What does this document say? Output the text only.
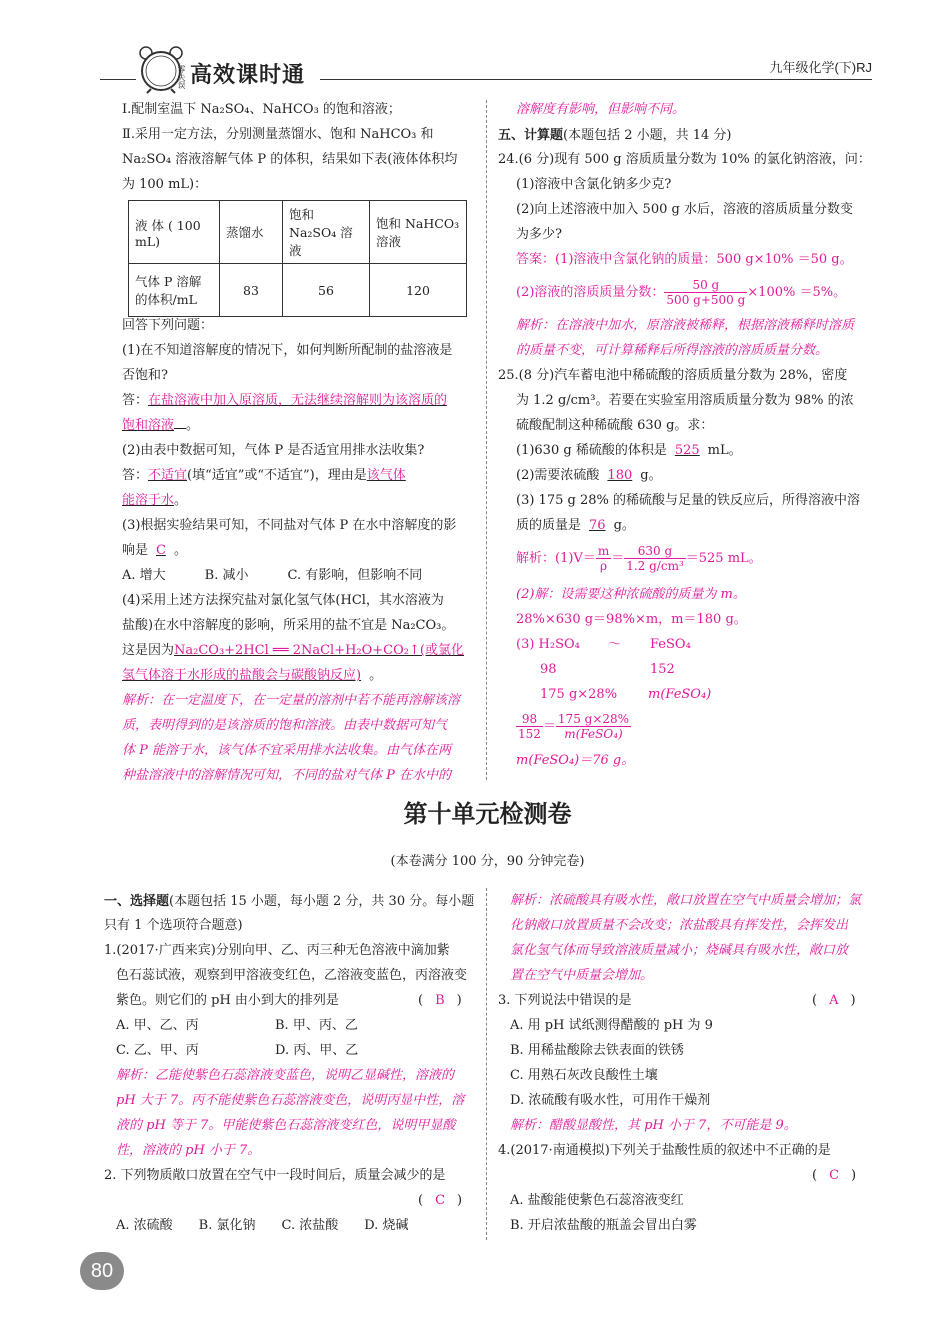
零失误 高效课时通	九年级化学(下)RJ
Ⅰ.配制室温下 Na₂SO₄、NaHCO₃ 的饱和溶液；
Ⅱ.采用一定方法，分别测量蒸馏水、饱和 NaHCO₃ 和
Na₂SO₄ 溶液溶解气体 P 的体积，结果如下表(液体体积均
为 100 mL)：
液 体 ( 100 mL)	蒸馏水	饱和 Na₂SO₄ 溶液	饱和 NaHCO₃ 溶液
气体 P 溶解的体积/mL	83	56	120
回答下列问题：
(1)在不知道溶解度的情况下，如何判断所配制的盐溶液是
否饱和?
答：在盐溶液中加入原溶质，无法继续溶解则为该溶质的
饱和溶液 。
(2)由表中数据可知，气体 P 是否适宜用排水法收集?
答：不适宜(填“适宜”或“不适宜”)，理由是该气体
能溶于水。
(3)根据实验结果可知，不同盐对气体 P 在水中溶解度的影
响是 C 。
A. 增大　　　B. 减小　　　C. 有影响，但影响不同
(4)采用上述方法探究盐对氯化氢气体(HCl，其水溶液为
盐酸)在水中溶解度的影响，所采用的盐不宜是 Na₂CO₃。
这是因为Na₂CO₃+2HCl ══ 2NaCl+H₂O+CO₂↑(或氯化
氢气体溶于水形成的盐酸会与碳酸钠反应) 。
解析：在一定温度下，在一定量的溶剂中若不能再溶解该溶
质，表明得到的是该溶质的饱和溶液。由表中数据可知气
体 P 能溶于水，该气体不宜采用排水法收集。由气体在两
种盐溶液中的溶解情况可知，不同的盐对气体 P 在水中的
溶解度有影响，但影响不同。
五、计算题(本题包括 2 小题，共 14 分)
24.(6 分)现有 500 g 溶质质量分数为 10% 的氯化钠溶液，问：
(1)溶液中含氯化钠多少克?
(2)向上述溶液中加入 500 g 水后，溶液的溶质质量分数变
为多少?
答案：(1)溶液中含氯化钠的质量：500 g×10% ＝50 g。
(2)溶液的溶质质量分数： $\frac{50 g}{500 g+500 g} \times 100\% =5\%$。
解析：在溶液中加水，原溶液被稀释，根据溶液稀释时溶质
的质量不变，可计算稀释后所得溶液的溶质质量分数。
25.(8 分)汽车蓄电池中稀硫酸的溶质质量分数为 28%，密度
为 1.2 g/cm³。若要在实验室用溶质质量分数为 98% 的浓
硫酸配制这种稀硫酸 630 g。求：
(1)630 g 稀硫酸的体积是 525 mL。
(2)需要浓硫酸 180 g。
(3) 175 g 28% 的稀硫酸与足量的铁反应后，所得溶液中溶
质的质量是 76 g。
解析：$(1)V= \frac{m}{\rho} = \frac{630 g}{\text{1.2 g/cm³}} =525$ mL。
(2)解：设需要这种浓硫酸的质量为 m。
28%×630 g＝98%×m，m＝180 g。
(3) H₂SO₄ ～ FeSO₄
98	152
175 g×28% m(FeSO₄)
$\frac{98}{152} = \frac{175 g\times 28\%}{\text{m(FeSO₄)}}$
m(FeSO₄)＝76 g。
第十单元检测卷
(本卷满分 100 分，90 分钟完卷)
一、选择题(本题包括 15 小题，每小题 2 分，共 30 分。每小题
只有 1 个选项符合题意)
1.(2017·广西来宾)分别向甲、乙、丙三种无色溶液中滴加紫
色石蕊试液，观察到甲溶液变红色，乙溶液变蓝色，丙溶液变
紫色。则它们的 pH 由小到大的排列是	( B )
A. 甲、乙、丙	B. 甲、丙、乙
C. 乙、甲、丙	D. 丙、甲、乙
解析：乙能使紫色石蕊溶液变蓝色，说明乙显碱性，溶液的
pH 大于 7。丙不能使紫色石蕊溶液变色，说明丙显中性，溶
液的 pH 等于 7。甲能使紫色石蕊溶液变红色，说明甲显酸
性，溶液的 pH 小于 7。
2. 下列物质敞口放置在空气中一段时间后，质量会减少的是
( C )
A. 浓硫酸　　B. 氯化钠　　C. 浓盐酸　　D. 烧碱
解析：浓硫酸具有吸水性，敞口放置在空气中质量会增加；氯
化钠敞口放置质量不会改变；浓盐酸具有挥发性，会挥发出
氯化氢气体而导致溶液质量减小；烧碱具有吸水性，敞口放
置在空气中质量会增加。
3. 下列说法中错误的是	( A )
A. 用 pH 试纸测得醋酸的 pH 为 9
B. 用稀盐酸除去铁表面的铁锈
C. 用熟石灰改良酸性土壤
D. 浓硫酸有吸水性，可用作干燥剂
解析：醋酸显酸性，其 pH 小于 7，不可能是 9。
4.(2017·南通模拟)下列关于盐酸性质的叙述中不正确的是
( C )
A. 盐酸能使紫色石蕊溶液变红
B. 开启浓盐酸的瓶盖会冒出白雾
80
